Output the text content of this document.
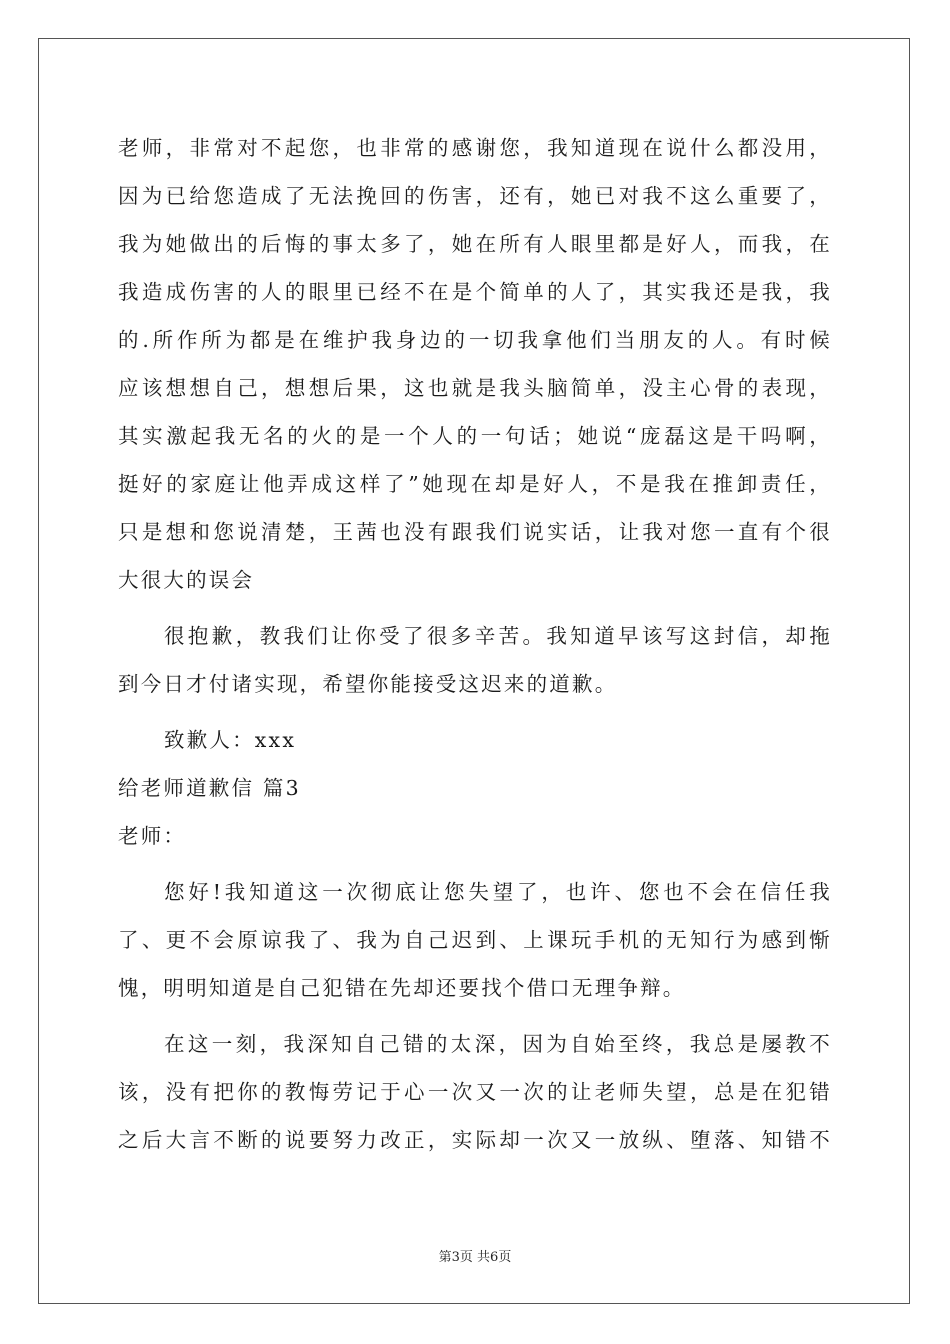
老师，非常对不起您，也非常的感谢您，我知道现在说什么都没用，
因为已给您造成了无法挽回的伤害，还有，她已对我不这么重要了，
我为她做出的后悔的事太多了，她在所有人眼里都是好人，而我，在
我造成伤害的人的眼里已经不在是个简单的人了，其实我还是我，我
的.所作所为都是在维护我身边的一切我拿他们当朋友的人。有时候
应该想想自己，想想后果，这也就是我头脑简单，没主心骨的表现，
其实激起我无名的火的是一个人的一句话；她说“庞磊这是干吗啊，
挺好的家庭让他弄成这样了”她现在却是好人，不是我在推卸责任，
只是想和您说清楚，王茜也没有跟我们说实话，让我对您一直有个很
大很大的误会
很抱歉，教我们让你受了很多辛苦。我知道早该写这封信，却拖
到今日才付诸实现，希望你能接受这迟来的道歉。
致歉人：xxx
给老师道歉信 篇3
老师：
您好!我知道这一次彻底让您失望了，也许、您也不会在信任我
了、更不会原谅我了、我为自己迟到、上课玩手机的无知行为感到惭
愧，明明知道是自己犯错在先却还要找个借口无理争辩。
在这一刻，我深知自己错的太深，因为自始至终，我总是屡教不
该，没有把你的教悔劳记于心一次又一次的让老师失望，总是在犯错
之后大言不断的说要努力改正，实际却一次又一放纵、堕落、知错不
第3页 共6页
